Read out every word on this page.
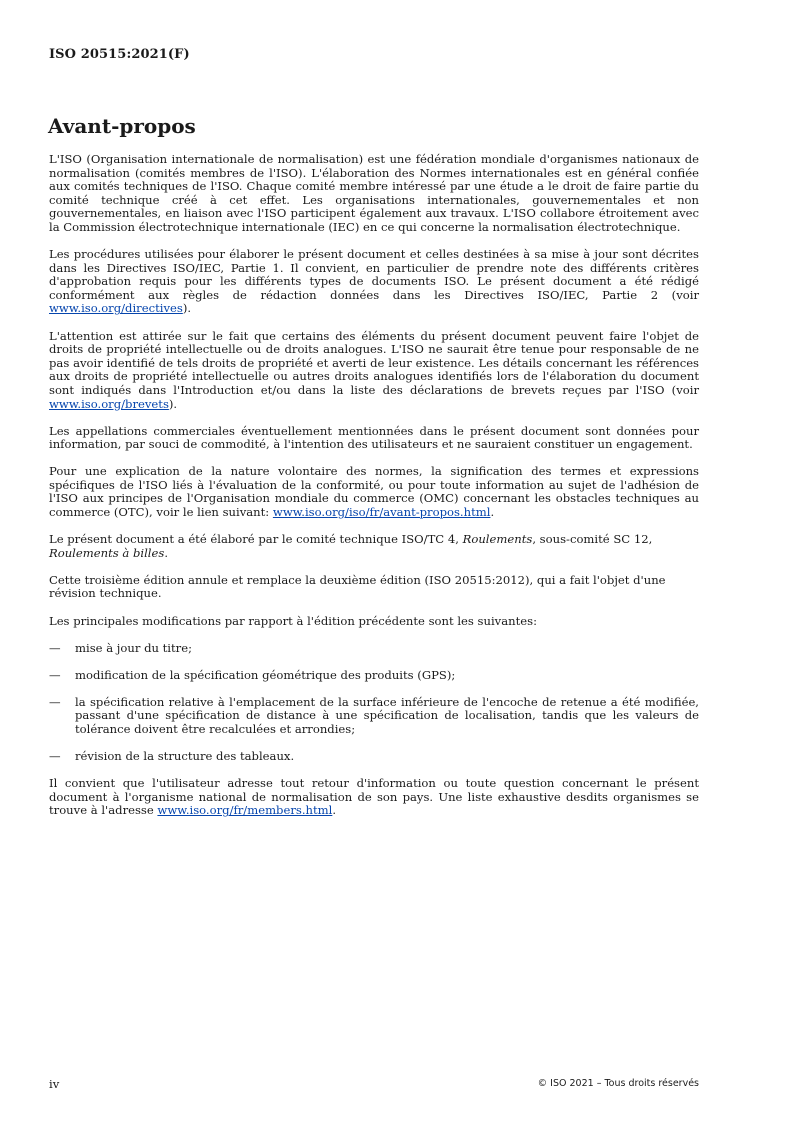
ISO 20515:2021(F)
Avant-propos

L'ISO (Organisation internationale de normalisation) est une fédération mondiale d'organismes nationaux de normalisation (comités membres de l'ISO). L'élaboration des Normes internationales est en général confiée aux comités techniques de l'ISO. Chaque comité membre intéressé par une étude a le droit de faire partie du comité technique créé à cet effet. Les organisations internationales, gouvernementales et non gouvernementales, en liaison avec l'ISO participent également aux travaux. L'ISO collabore étroitement avec la Commission électrotechnique internationale (IEC) en ce qui concerne la normalisation électrotechnique.

Les procédures utilisées pour élaborer le présent document et celles destinées à sa mise à jour sont décrites dans les Directives ISO/IEC, Partie 1. Il convient, en particulier de prendre note des différents critères d'approbation requis pour les différents types de documents ISO. Le présent document a été rédigé conformément aux règles de rédaction données dans les Directives ISO/IEC, Partie 2 (voir www.iso.org/directives).

L'attention est attirée sur le fait que certains des éléments du présent document peuvent faire l'objet de droits de propriété intellectuelle ou de droits analogues. L'ISO ne saurait être tenue pour responsable de ne pas avoir identifié de tels droits de propriété et averti de leur existence. Les détails concernant les références aux droits de propriété intellectuelle ou autres droits analogues identifiés lors de l'élaboration du document sont indiqués dans l'Introduction et/ou dans la liste des déclarations de brevets reçues par l'ISO (voir www.iso.org/brevets).

Les appellations commerciales éventuellement mentionnées dans le présent document sont données pour information, par souci de commodité, à l'intention des utilisateurs et ne sauraient constituer un engagement.

Pour une explication de la nature volontaire des normes, la signification des termes et expressions spécifiques de l'ISO liés à l'évaluation de la conformité, ou pour toute information au sujet de l'adhésion de l'ISO aux principes de l'Organisation mondiale du commerce (OMC) concernant les obstacles techniques au commerce (OTC), voir le lien suivant: www.iso.org/iso/fr/avant-propos.html.

Le présent document a été élaboré par le comité technique ISO/TC 4, Roulements, sous-comité SC 12, Roulements à billes.

Cette troisième édition annule et remplace la deuxième édition (ISO 20515:2012), qui a fait l'objet d'une révision technique.

Les principales modifications par rapport à l'édition précédente sont les suivantes:

—	mise à jour du titre;
—	modification de la spécification géométrique des produits (GPS);
—	la spécification relative à l'emplacement de la surface inférieure de l'encoche de retenue a été modifiée, passant d'une spécification de distance à une spécification de localisation, tandis que les valeurs de tolérance doivent être recalculées et arrondies;
—	révision de la structure des tableaux.

Il convient que l'utilisateur adresse tout retour d'information ou toute question concernant le présent document à l'organisme national de normalisation de son pays. Une liste exhaustive desdits organismes se trouve à l'adresse www.iso.org/fr/members.html.

iv	© ISO 2021 – Tous droits réservés
